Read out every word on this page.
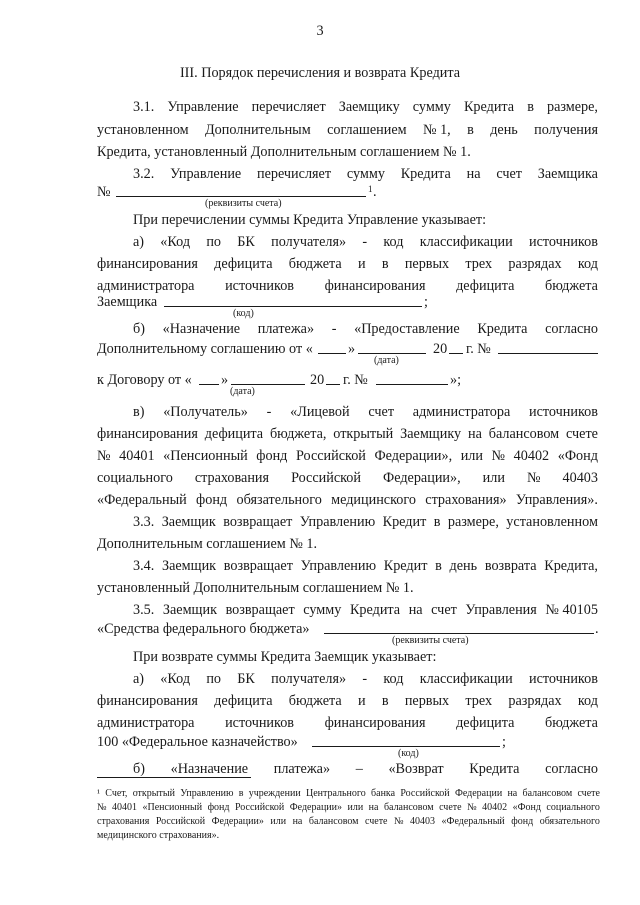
3
III. Порядок перечисления и возврата Кредита
3.1. Управление перечисляет Заемщику сумму Кредита в размере,
установленном Дополнительным соглашением № 1, в день получения
Кредита, установленный Дополнительным соглашением № 1.
3.2. Управление перечисляет сумму Кредита на счет Заемщика
№	1 .
(реквизиты счета)
При перечислении суммы Кредита Управление указывает:
а) «Код по БК получателя» - код классификации источников
финансирования дефицита бюджета и в первых трех разрядах код
администратора источников финансирования дефицита бюджета
Заемщика	;
(код)
б) «Назначение платежа» - «Предоставление Кредита согласно
Дополнительному соглашению от « »	20 г. №
(дата)
к Договору от « »	20 г. №	»;
(дата)
в) «Получатель» - «Лицевой счет администратора источников
финансирования дефицита бюджета, открытый Заемщику на балансовом счете
№ 40401 «Пенсионный фонд Российской Федерации», или № 40402 «Фонд
социального страхования Российской Федерации», или № 40403
«Федеральный фонд обязательного медицинского страхования» Управления».
3.3. Заемщик возвращает Управлению Кредит в размере, установленном
Дополнительным соглашением № 1.
3.4. Заемщик возвращает Управлению Кредит в день возврата Кредита,
установленный Дополнительным соглашением № 1.
3.5. Заемщик возвращает сумму Кредита на счет Управления № 40105
«Средства федерального бюджета»	.
(реквизиты счета)
При возврате суммы Кредита Заемщик указывает:
а) «Код по БК получателя» - код классификации источников
финансирования дефицита бюджета и в первых трех разрядах код
администратора источников финансирования дефицита бюджета
100 «Федеральное казначейство»	;
(код)
б) «Назначение платежа» – «Возврат Кредита согласно
¹ Счет, открытый Управлению в учреждении Центрального банка Российской Федерации на балансовом счете
№ 40401 «Пенсионный фонд Российской Федерации» или на балансовом счете № 40402 «Фонд социального
страхования Российской Федерации» или на балансовом счете № 40403 «Федеральный фонд обязательного
медицинского страхования».
